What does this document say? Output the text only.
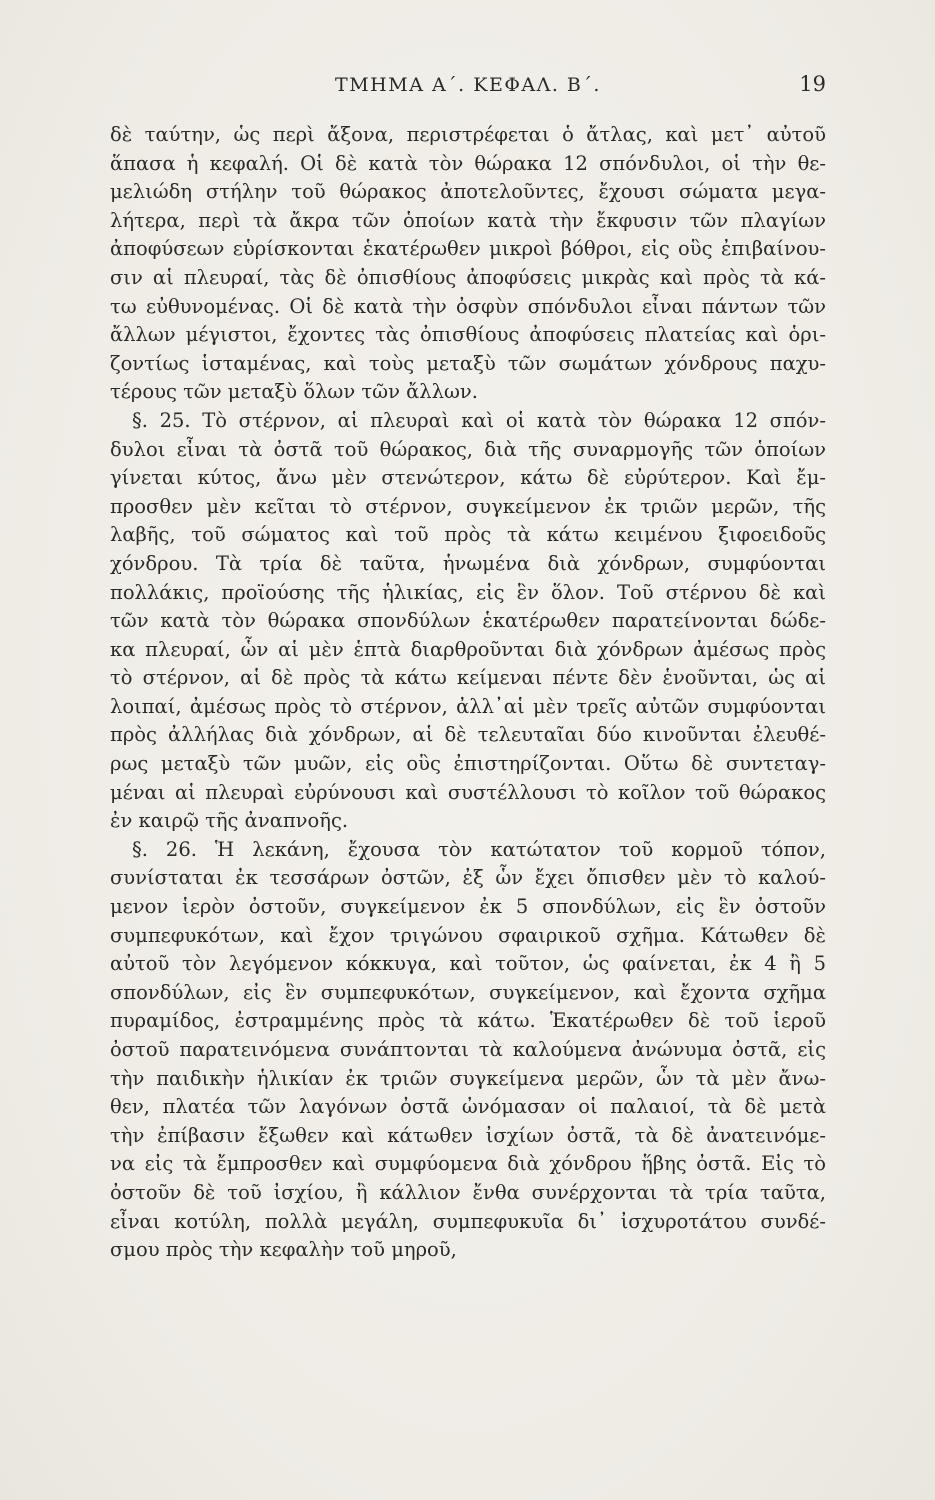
ΤΜΗΜΑ Α΄. ΚΕΦΑΛ. Β΄.	19
δὲ ταύτην, ὡς περὶ ἄξονα, περιστρέφεται ὁ ἄτλας, καὶ μετ᾽ αὐτοῦ
ἅπασα ἡ κεφαλή. Οἱ δὲ κατὰ τὸν θώρακα 12 σπόνδυλοι, οἱ τὴν θε-
μελιώδη στήλην τοῦ θώρακος ἀποτελοῦντες, ἔχουσι σώματα μεγα-
λήτερα, περὶ τὰ ἄκρα τῶν ὁποίων κατὰ τὴν ἔκφυσιν τῶν πλαγίων
ἀποφύσεων εὑρίσκονται ἑκατέρωθεν μικροὶ βόθροι, εἰς οὓς ἐπιβαίνου-
σιν αἱ πλευραί, τὰς δὲ ὀπισθίους ἀποφύσεις μικρὰς καὶ πρὸς τὰ κά-
τω εὐθυνομένας. Οἱ δὲ κατὰ τὴν ὀσφὺν σπόνδυλοι εἶναι πάντων τῶν
ἄλλων μέγιστοι, ἔχοντες τὰς ὀπισθίους ἀποφύσεις πλατείας καὶ ὁρι-
ζοντίως ἱσταμένας, καὶ τοὺς μεταξὺ τῶν σωμάτων χόνδρους παχυ-
τέρους τῶν μεταξὺ ὅλων τῶν ἄλλων.
§. 25. Τὸ στέρνον, αἱ πλευραὶ καὶ οἱ κατὰ τὸν θώρακα 12 σπόν-
δυλοι εἶναι τὰ ὀστᾶ τοῦ θώρακος, διὰ τῆς συναρμογῆς τῶν ὁποίων
γίνεται κύτος, ἄνω μὲν στενώτερον, κάτω δὲ εὐρύτερον. Καὶ ἔμ-
προσθεν μὲν κεῖται τὸ στέρνον, συγκείμενον ἐκ τριῶν μερῶν, τῆς
λαβῆς, τοῦ σώματος καὶ τοῦ πρὸς τὰ κάτω κειμένου ξιφοειδοῦς
χόνδρου. Τὰ τρία δὲ ταῦτα, ἡνωμένα διὰ χόνδρων, συμφύονται
πολλάκις, προϊούσης τῆς ἡλικίας, εἰς ἓν ὅλον. Τοῦ στέρνου δὲ καὶ
τῶν κατὰ τὸν θώρακα σπονδύλων ἑκατέρωθεν παρατείνονται δώδε-
κα πλευραί, ὧν αἱ μὲν ἑπτὰ διαρθροῦνται διὰ χόνδρων ἀμέσως πρὸς
τὸ στέρνον, αἱ δὲ πρὸς τὰ κάτω κείμεναι πέντε δὲν ἑνοῦνται, ὡς αἱ
λοιπαί, ἀμέσως πρὸς τὸ στέρνον, ἀλλ᾽αἱ μὲν τρεῖς αὐτῶν συμφύονται
πρὸς ἀλλήλας διὰ χόνδρων, αἱ δὲ τελευταῖαι δύο κινοῦνται ἐλευθέ-
ρως μεταξὺ τῶν μυῶν, εἰς οὓς ἐπιστηρίζονται. Οὕτω δὲ συντεταγ-
μέναι αἱ πλευραὶ εὐρύνουσι καὶ συστέλλουσι τὸ κοῖλον τοῦ θώρακος
ἐν καιρῷ τῆς ἀναπνοῆς.
§. 26. Ἡ λεκάνη, ἔχουσα τὸν κατώτατον τοῦ κορμοῦ τόπον,
συνίσταται ἐκ τεσσάρων ὀστῶν, ἐξ ὧν ἔχει ὄπισθεν μὲν τὸ καλού-
μενον ἱερὸν ὀστοῦν, συγκείμενον ἐκ 5 σπονδύλων, εἰς ἓν ὀστοῦν
συμπεφυκότων, καὶ ἔχον τριγώνου σφαιρικοῦ σχῆμα. Κάτωθεν δὲ
αὐτοῦ τὸν λεγόμενον κόκκυγα, καὶ τοῦτον, ὡς φαίνεται, ἐκ 4 ἢ 5
σπονδύλων, εἰς ἓν συμπεφυκότων, συγκείμενον, καὶ ἔχοντα σχῆμα
πυραμίδος, ἐστραμμένης πρὸς τὰ κάτω. Ἑκατέρωθεν δὲ τοῦ ἱεροῦ
ὀστοῦ παρατεινόμενα συνάπτονται τὰ καλούμενα ἀνώνυμα ὀστᾶ, εἰς
τὴν παιδικὴν ἡλικίαν ἐκ τριῶν συγκείμενα μερῶν, ὧν τὰ μὲν ἄνω-
θεν, πλατέα τῶν λαγόνων ὀστᾶ ὠνόμασαν οἱ παλαιοί, τὰ δὲ μετὰ
τὴν ἐπίβασιν ἔξωθεν καὶ κάτωθεν ἰσχίων ὀστᾶ, τὰ δὲ ἀνατεινόμε-
να εἰς τὰ ἔμπροσθεν καὶ συμφύομενα διὰ χόνδρου ἥβης ὀστᾶ. Εἰς τὸ
ὀστοῦν δὲ τοῦ ἰσχίου, ἢ κάλλιον ἔνθα συνέρχονται τὰ τρία ταῦτα,
εἶναι κοτύλη, πολλὰ μεγάλη, συμπεφυκυῖα δι᾽ ἰσχυροτάτου συνδέ-
σμου πρὸς τὴν κεφαλὴν τοῦ μηροῦ,
